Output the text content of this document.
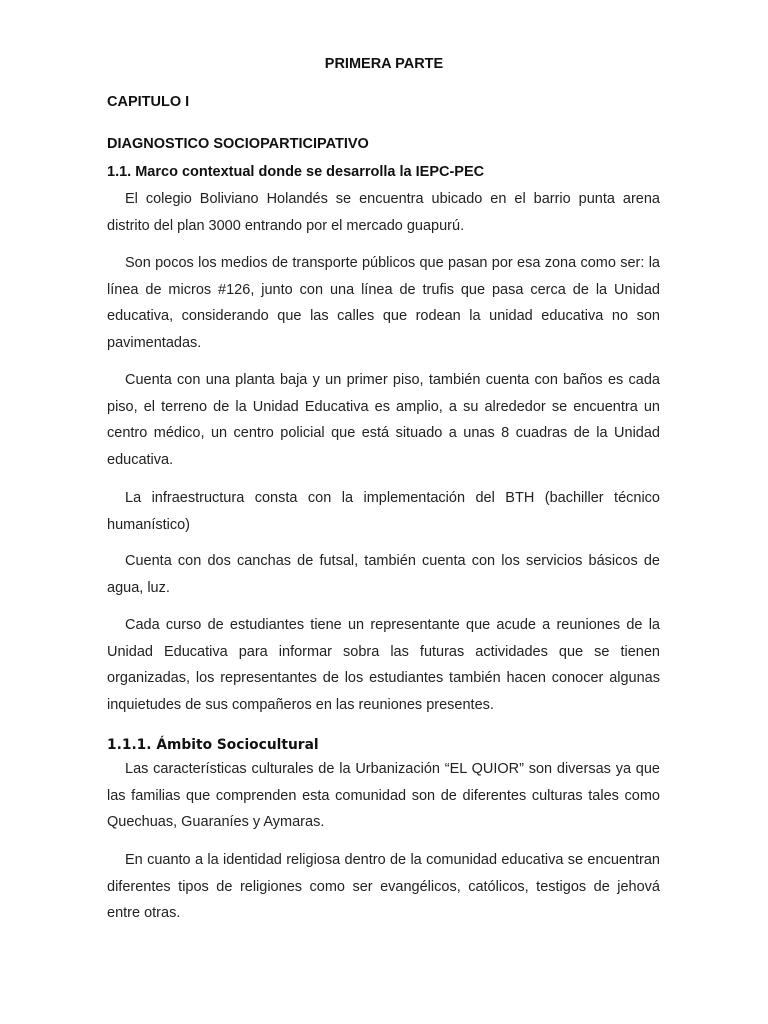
PRIMERA PARTE
CAPITULO I
DIAGNOSTICO SOCIOPARTICIPATIVO
1.1. Marco contextual donde se desarrolla la IEPC-PEC

El colegio Boliviano Holandés se encuentra ubicado en el barrio punta arena distrito del plan 3000 entrando por el mercado guapurú.

Son pocos los medios de transporte públicos que pasan por esa zona como ser: la línea de micros #126, junto con una línea de trufis que pasa cerca de la Unidad educativa, considerando que las calles que rodean la unidad educativa no son pavimentadas.

Cuenta con una planta baja y un primer piso, también cuenta con baños es cada piso, el terreno de la Unidad Educativa es amplio, a su alrededor se encuentra un centro médico, un centro policial que está situado a unas 8 cuadras de la Unidad educativa.

La infraestructura consta con la implementación del BTH (bachiller técnico humanístico)

Cuenta con dos canchas de futsal, también cuenta con los servicios básicos de agua, luz.

Cada curso de estudiantes tiene un representante que acude a reuniones de la Unidad Educativa para informar sobra las futuras actividades que se tienen organizadas, los representantes de los estudiantes también hacen conocer algunas inquietudes de sus compañeros en las reuniones presentes.

1.1.1. Ámbito Sociocultural

Las características culturales de la Urbanización “EL QUIOR” son diversas ya que las familias que comprenden esta comunidad son de diferentes culturas tales como Quechuas, Guaraníes y Aymaras.

En cuanto a la identidad religiosa dentro de la comunidad educativa se encuentran diferentes tipos de religiones como ser evangélicos, católicos, testigos de jehová entre otras.
